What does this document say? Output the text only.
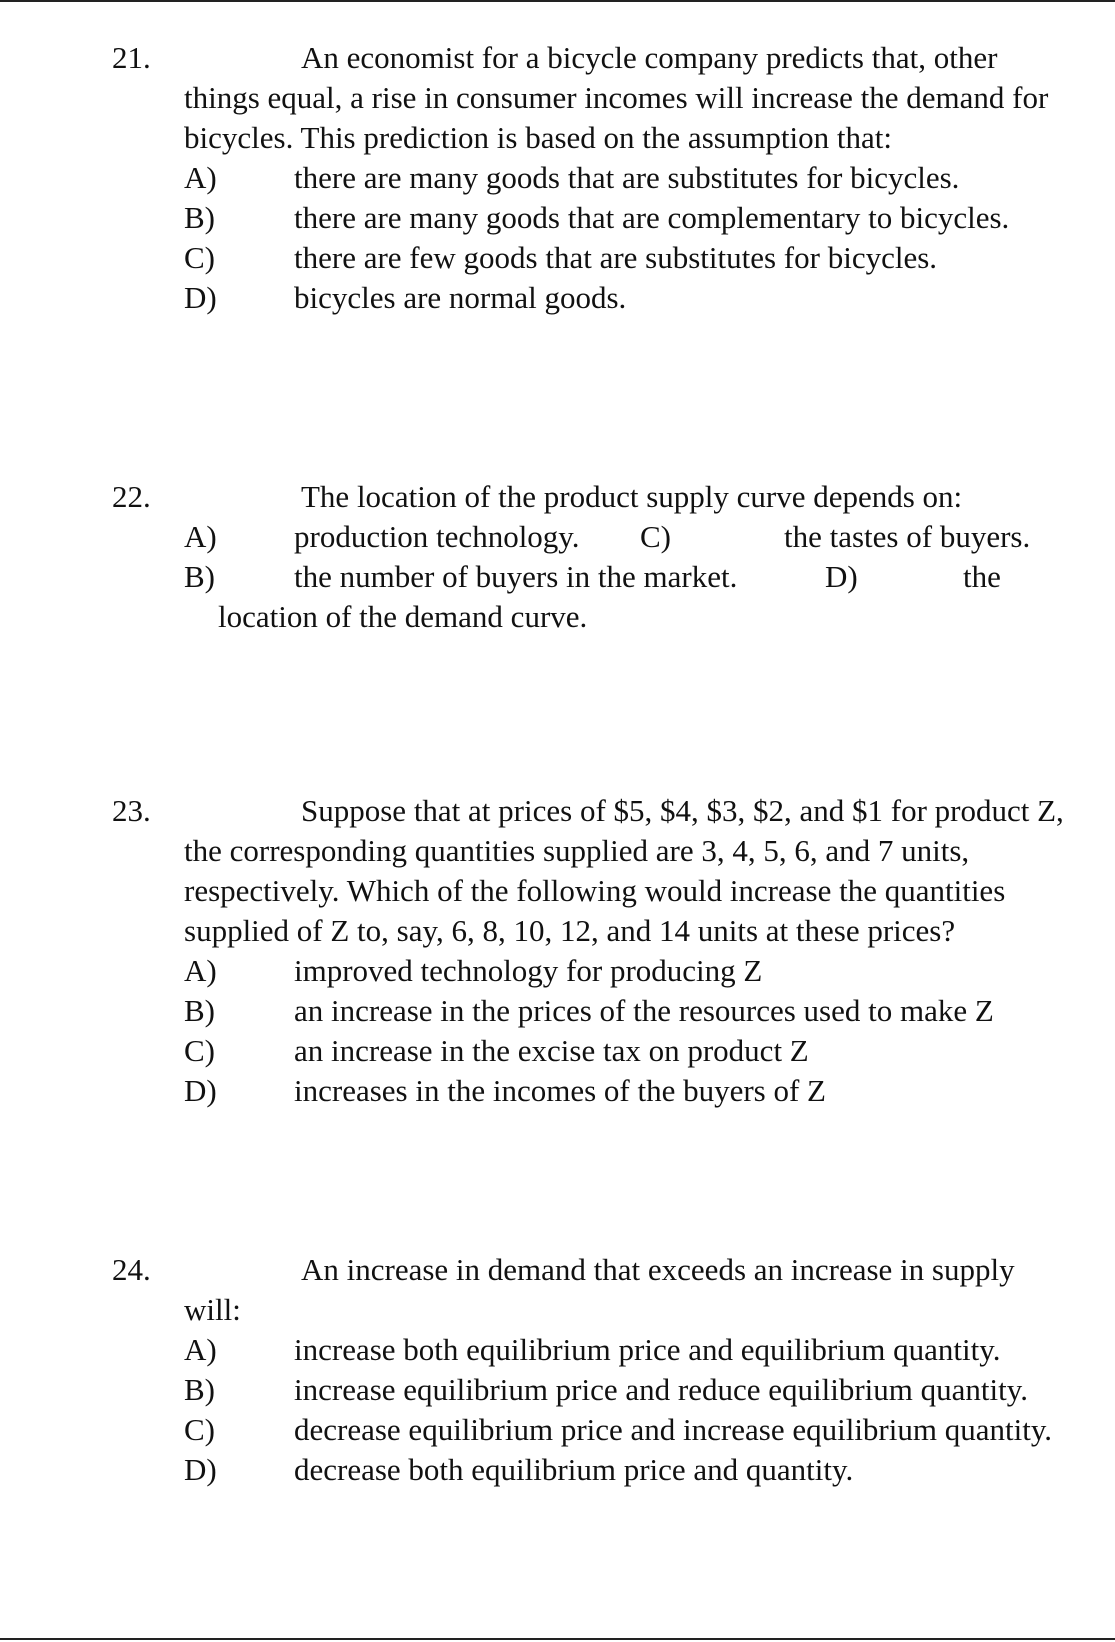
21.	An economist for a bicycle company predicts that, other things equal, a rise in consumer incomes will increase the demand for bicycles. This prediction is based on the assumption that:
A) there are many goods that are substitutes for bicycles.
B)	there are many goods that are complementary to bicycles.
C)	there are few goods that are substitutes for bicycles.
D) bicycles are normal goods.
22.	The location of the product supply curve depends on:
A) production technology. C)	the tastes of buyers.
B)	the number of buyers in the market.	D)	the location of the demand curve.
23.	Suppose that at prices of $5, $4, $3, $2, and $1 for product Z, the corresponding quantities supplied are 3, 4, 5, 6, and 7 units, respectively. Which of the following would increase the quantities supplied of Z to, say, 6, 8, 10, 12, and 14 units at these prices?
A) improved technology for producing Z
B)	an increase in the prices of the resources used to make Z
C)	an increase in the excise tax on product Z
D) increases in the incomes of the buyers of Z
24.	An increase in demand that exceeds an increase in supply will:
A) increase both equilibrium price and equilibrium quantity.
B)	increase equilibrium price and reduce equilibrium quantity.
C)	decrease equilibrium price and increase equilibrium quantity.
D) decrease both equilibrium price and quantity.
